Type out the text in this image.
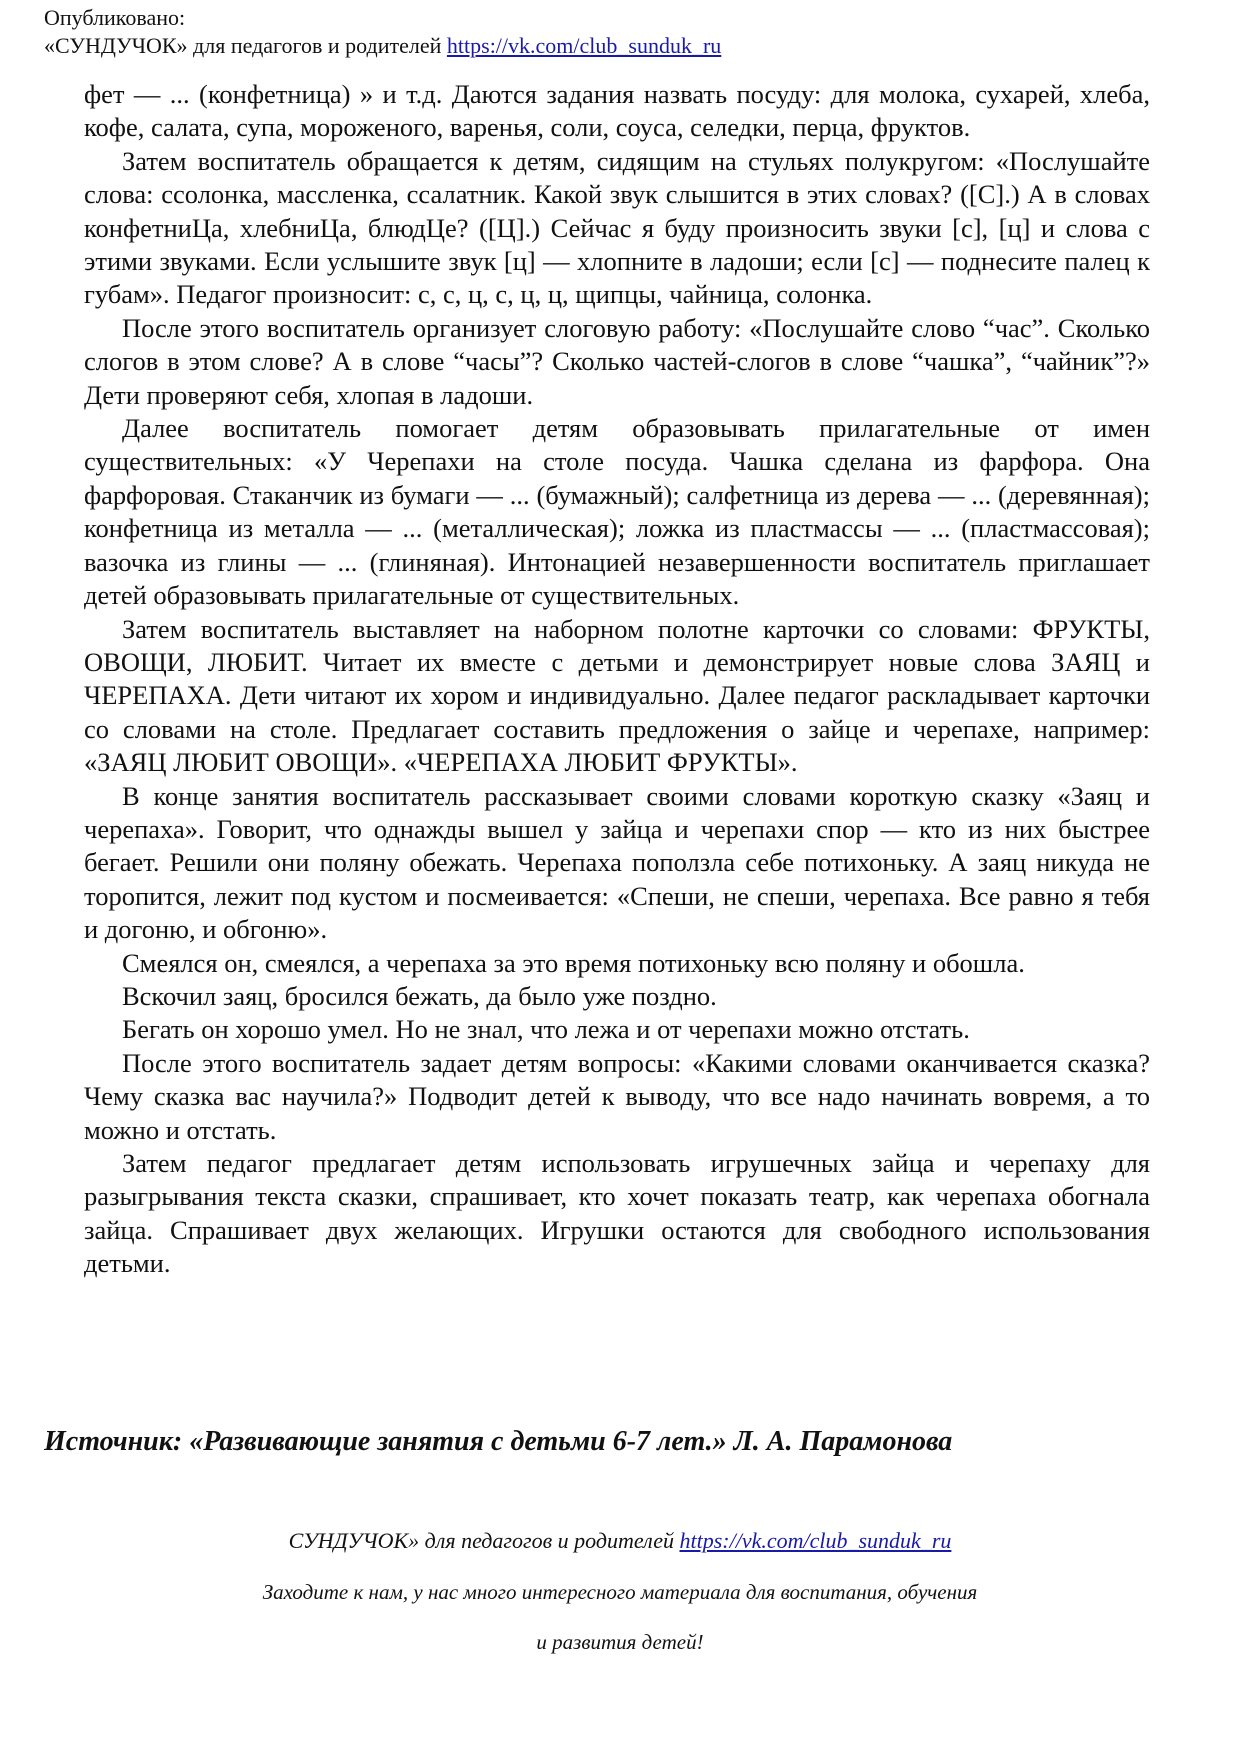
Опубликовано:
«СУНДУЧОК» для педагогов и родителей https://vk.com/club_sunduk_ru

фет — ... (конфетница) » и т.д. Даются задания назвать посуду: для молока, сухарей, хлеба, кофе, салата, супа, мороженого, варенья, соли, соуса, селедки, перца, фруктов.

Затем воспитатель обращается к детям, сидящим на стульях полукругом: «Послушайте слова: ссолонка, массленка, ссалатник. Какой звук слышится в этих словах? ([С].) А в словах конфетниЦа, хлебниЦа, блюдЦе? ([Ц].) Сейчас я буду произносить звуки [с], [ц] и слова с этими звуками. Если услышите звук [ц] — хлопните в ладоши; если [с] — поднесите палец к губам». Педагог произносит: с, с, ц, с, ц, ц, щипцы, чайница, солонка.

После этого воспитатель организует слоговую работу: «Послушайте слово “час”. Сколько слогов в этом слове? А в слове “часы”? Сколько частей-слогов в слове “чашка”, “чайник”?» Дети проверяют себя, хлопая в ладоши.

Далее воспитатель помогает детям образовывать прилагательные от имен существительных: «У Черепахи на столе посуда. Чашка сделана из фарфора. Она фарфоровая. Стаканчик из бумаги — ... (бумажный); салфетница из дерева — ... (деревянная); конфетница из металла — ... (металлическая); ложка из пластмассы — ... (пластмассовая); вазочка из глины — ... (глиняная). Интонацией незавершенности воспитатель приглашает детей образовывать прилагательные от существительных.

Затем воспитатель выставляет на наборном полотне карточки со словами: ФРУКТЫ, ОВОЩИ, ЛЮБИТ. Читает их вместе с детьми и демонстрирует новые слова ЗАЯЦ и ЧЕРЕПАХА. Дети читают их хором и индивидуально. Далее педагог раскладывает карточки со словами на столе. Предлагает составить предложения о зайце и черепахе, например: «ЗАЯЦ ЛЮБИТ ОВОЩИ». «ЧЕРЕПАХА ЛЮБИТ ФРУКТЫ».

В конце занятия воспитатель рассказывает своими словами короткую сказку «Заяц и черепаха». Говорит, что однажды вышел у зайца и черепахи спор — кто из них быстрее бегает. Решили они поляну обежать. Черепаха поползла себе потихоньку. А заяц никуда не торопится, лежит под кустом и посмеивается: «Спеши, не спеши, черепаха. Все равно я тебя и догоню, и обгоню».

Смеялся он, смеялся, а черепаха за это время потихоньку всю поляну и обошла.

Вскочил заяц, бросился бежать, да было уже поздно.

Бегать он хорошо умел. Но не знал, что лежа и от черепахи можно отстать.

После этого воспитатель задает детям вопросы: «Какими словами оканчивается сказка? Чему сказка вас научила?» Подводит детей к выводу, что все надо начинать вовремя, а то можно и отстать.

Затем педагог предлагает детям использовать игрушечных зайца и черепаху для разыгрывания текста сказки, спрашивает, кто хочет показать театр, как черепаха обогнала зайца. Спрашивает двух желающих. Игрушки остаются для свободного использования детьми.

Источник: «Развивающие занятия с детьми 6-7 лет.» Л. А. Парамонова
СУНДУЧОК» для педагогов и родителей https://vk.com/club_sunduk_ru
Заходите к нам, у нас много интересного материала для воспитания, обучения
и развития детей!
